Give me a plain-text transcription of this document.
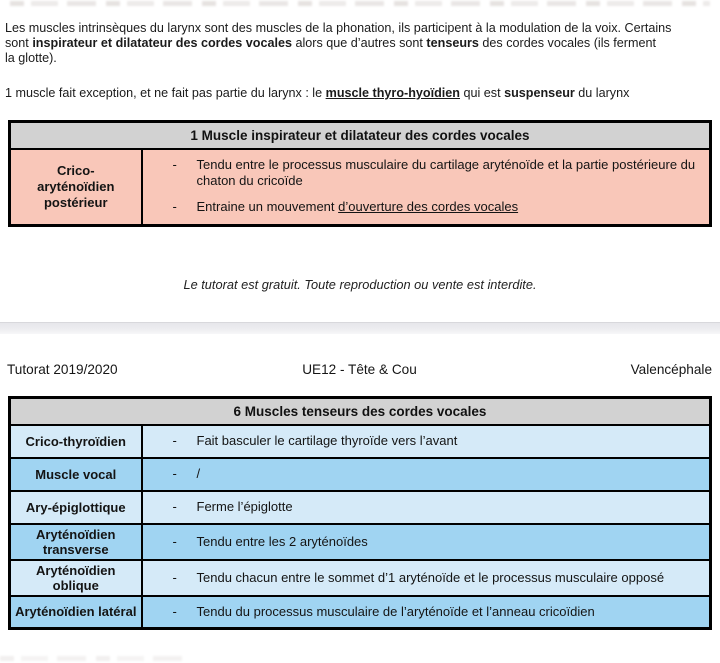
Les muscles intrinsèques du larynx sont des muscles de la phonation, ils participent à la modulation de la voix. Certains
sont inspirateur et dilatateur des cordes vocales alors que d’autres sont tenseurs des cordes vocales (ils ferment
la glotte).
1 muscle fait exception, et ne fait pas partie du larynx : le muscle thyro-hyoïdien qui est suspenseur du larynx
1 Muscle inspirateur et dilatateur des cordes vocales

Crico-
aryténoïdien
postérieur

-	Tendu entre le processus musculaire du cartilage aryténoïde et la partie postérieure du chaton du cricoïde
-	Entraine un mouvement d’ouverture des cordes vocales
Le tutorat est gratuit. Toute reproduction ou vente est interdite.
Tutorat 2019/2020	UE12 - Tête & Cou	Valencéphale
6 Muscles tenseurs des cordes vocales	
Crico-thyroïdien	- Fait basculer le cartilage thyroïde vers l’avant

Muscle vocal	- /

Ary-épiglottique	- Ferme l’épiglotte

Aryténoïdien transverse	- Tendu entre les 2 aryténoïdes

Aryténoïdien oblique	- Tendu chacun entre le sommet d’1 aryténoïde et le processus musculaire opposé

Aryténoïdien latéral	- Tendu du processus musculaire de l’aryténoïde et l’anneau cricoïdien
